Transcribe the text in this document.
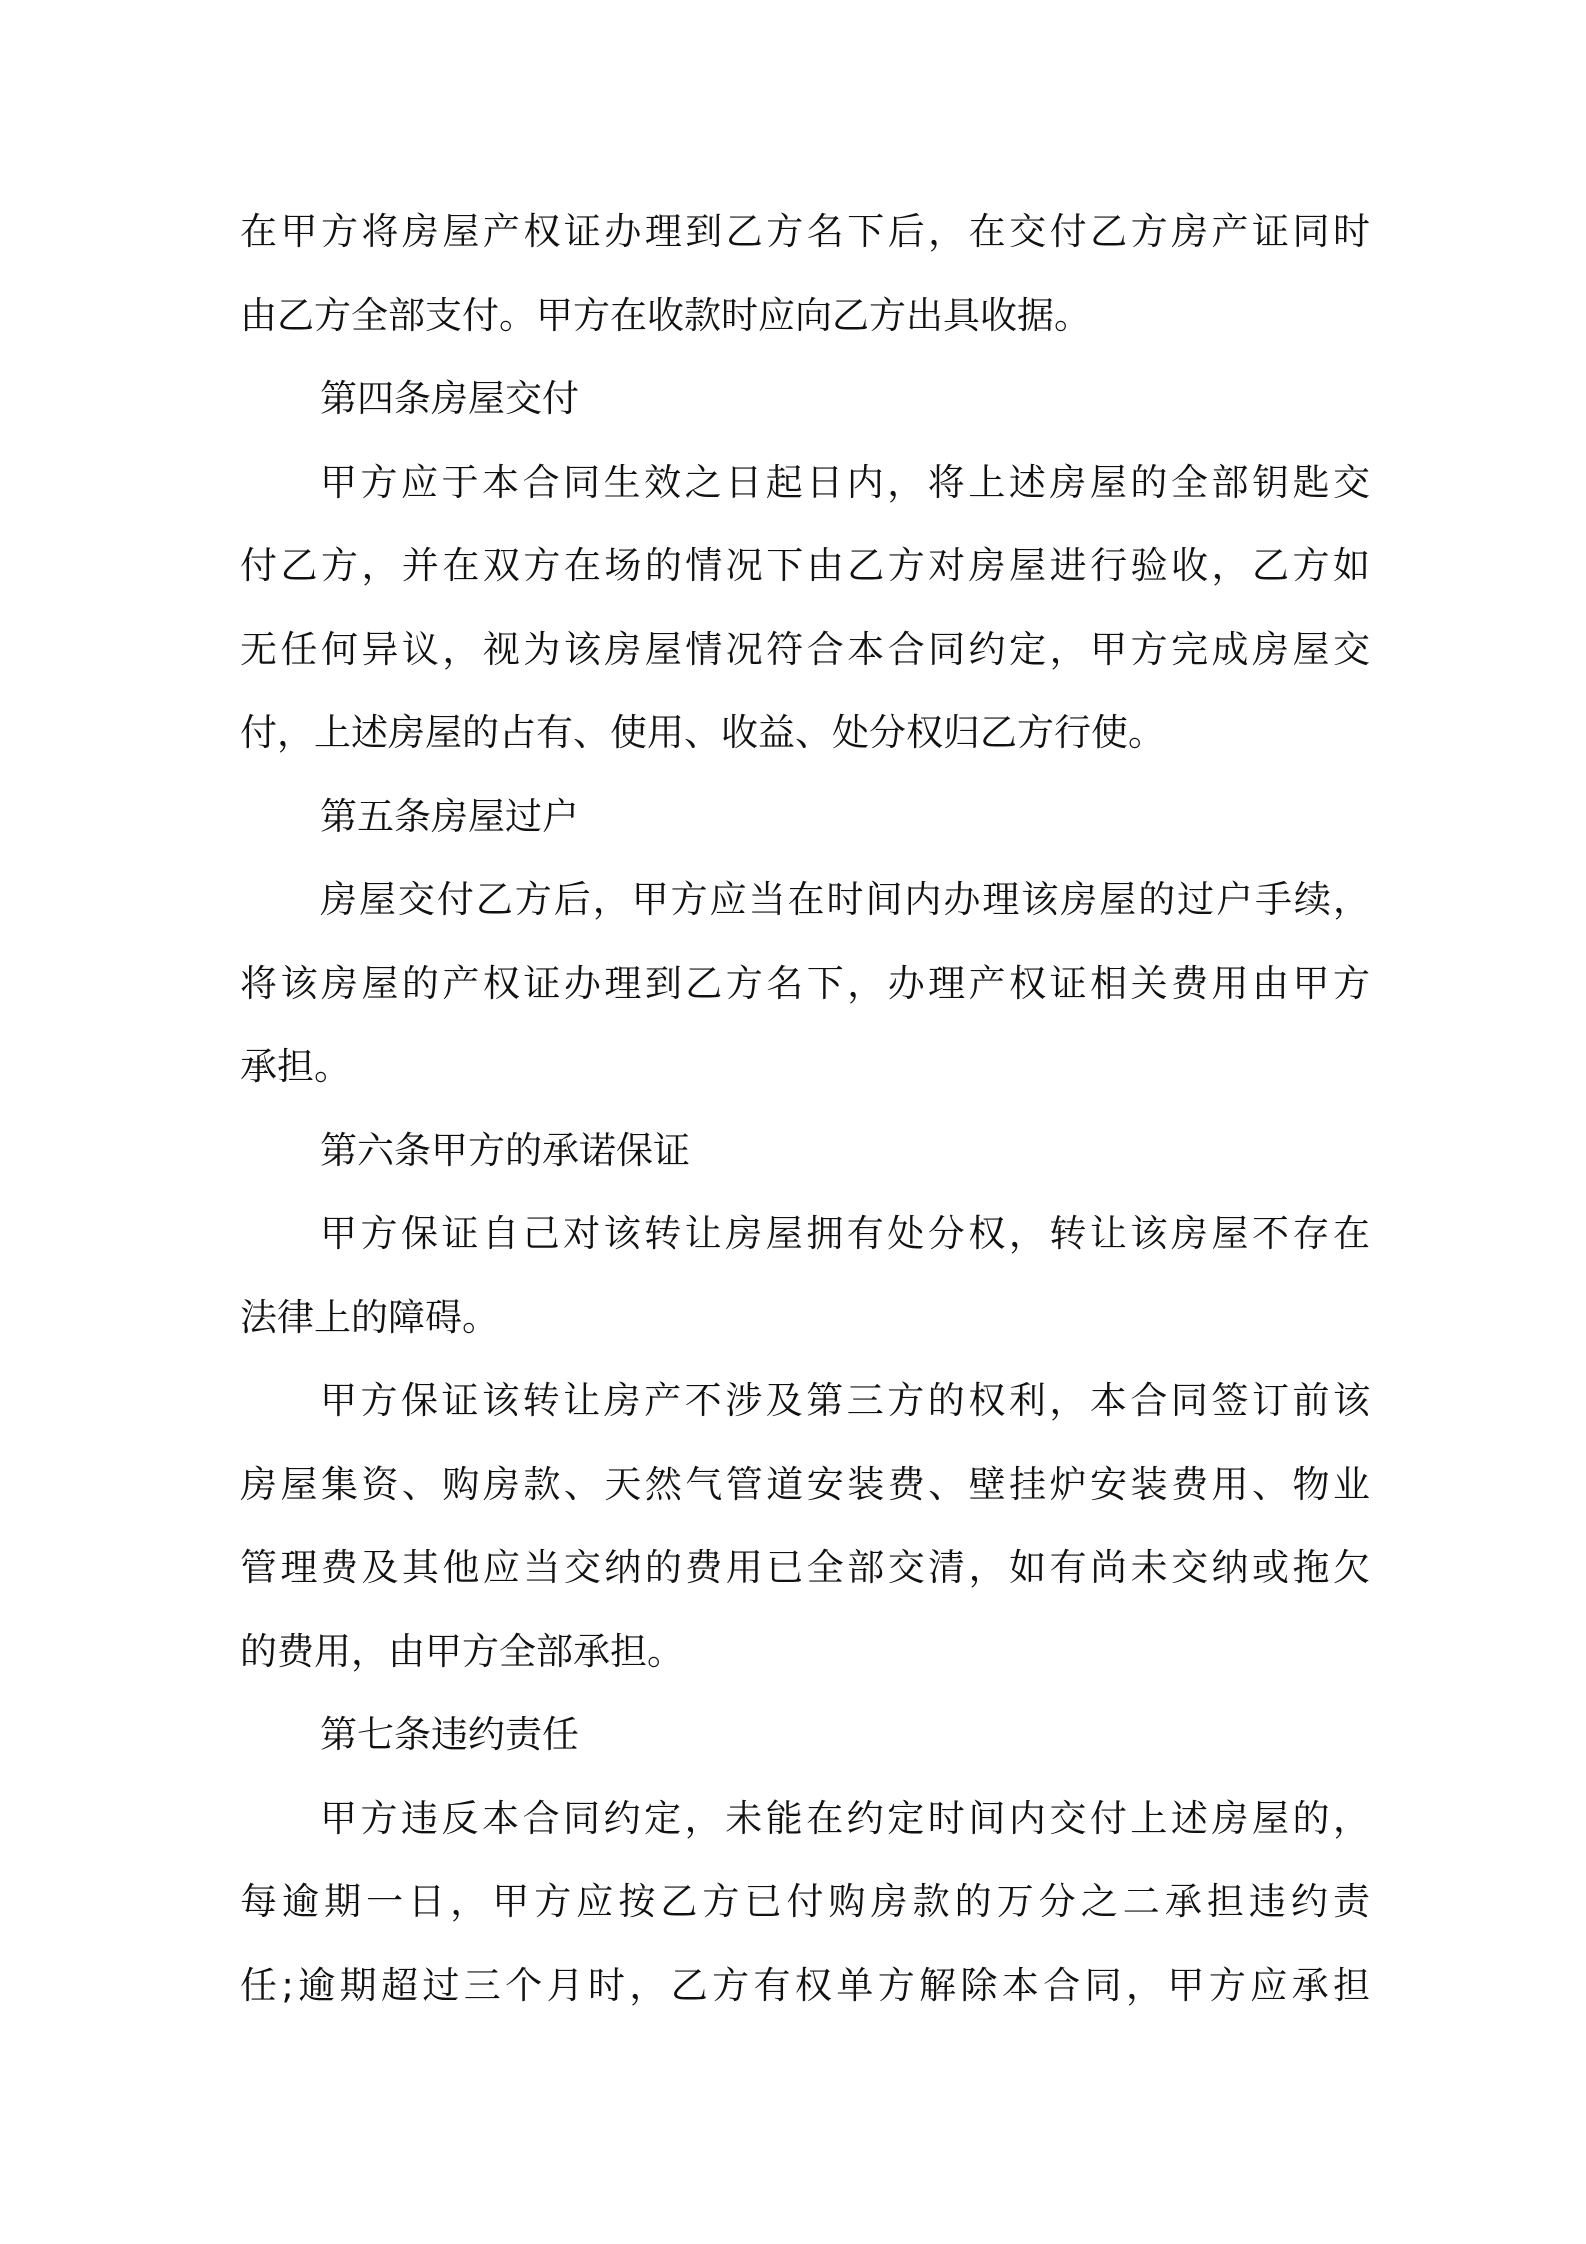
在甲方将房屋产权证办理到乙方名下后，在交付乙方房产证同时
由乙方全部支付。甲方在收款时应向乙方出具收据。
第四条房屋交付
甲方应于本合同生效之日起日内，将上述房屋的全部钥匙交
付乙方，并在双方在场的情况下由乙方对房屋进行验收，乙方如
无任何异议，视为该房屋情况符合本合同约定，甲方完成房屋交
付，上述房屋的占有、使用、收益、处分权归乙方行使。
第五条房屋过户
房屋交付乙方后，甲方应当在时间内办理该房屋的过户手续，
将该房屋的产权证办理到乙方名下，办理产权证相关费用由甲方
承担。
第六条甲方的承诺保证
甲方保证自己对该转让房屋拥有处分权，转让该房屋不存在
法律上的障碍。
甲方保证该转让房产不涉及第三方的权利，本合同签订前该
房屋集资、购房款、天然气管道安装费、壁挂炉安装费用、物业
管理费及其他应当交纳的费用已全部交清，如有尚未交纳或拖欠
的费用，由甲方全部承担。
第七条违约责任
甲方违反本合同约定，未能在约定时间内交付上述房屋的，
每逾期一日，甲方应按乙方已付购房款的万分之二承担违约责
任;逾期超过三个月时，乙方有权单方解除本合同，甲方应承担
